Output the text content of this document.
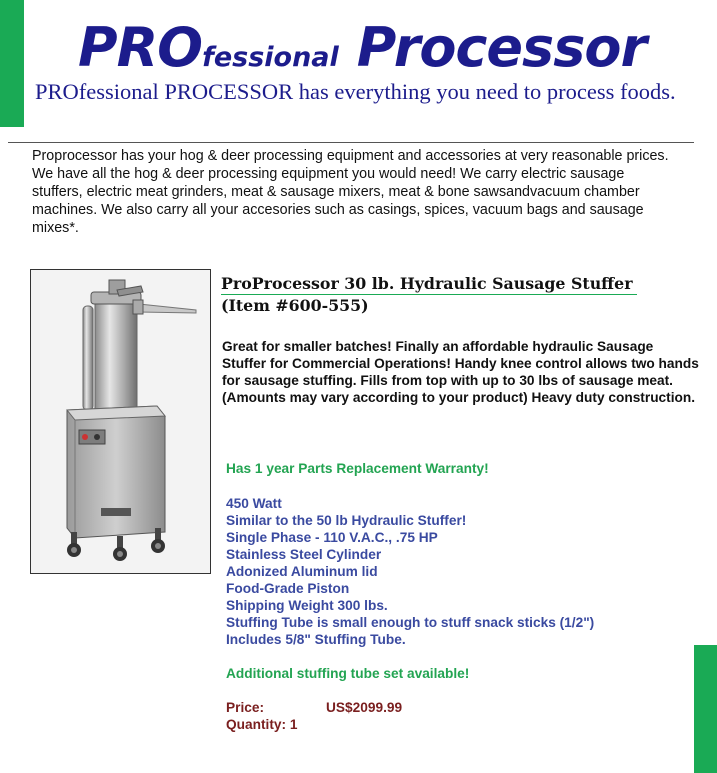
PROfessional Processor
PROfessional PROCESSOR has everything you need to process foods.
Proprocessor has your hog & deer processing equipment and accessories at very reasonable prices. We have all the hog & deer processing equipment you would need! We carry electric sausage stuffers, electric meat grinders, meat & sausage mixers, meat & bone sawsandvacuum chamber machines. We also carry all your accesories such as casings, spices, vacuum bags and sausage mixes*.
ProProcessor 30 lb. Hydraulic Sausage Stuffer
(Item #600-555)
Great for smaller batches! Finally an affordable hydraulic Sausage Stuffer for Commercial Operations! Handy knee control allows two hands for sausage stuffing. Fills from top with up to 30 lbs of sausage meat.(Amounts may vary according to your product) Heavy duty construction.
Has 1 year Parts Replacement Warranty!
450 Watt
Similar to the 50 lb Hydraulic Stuffer!
Single Phase - 110 V.A.C., .75 HP
Stainless Steel Cylinder
Adonized Aluminum lid
Food-Grade Piston
Shipping Weight 300 lbs.
Stuffing Tube is small enough to stuff snack sticks (1/2")
Includes 5/8" Stuffing Tube.
Additional stuffing tube set available!
Price:	US$2099.99
Quantity: 1
